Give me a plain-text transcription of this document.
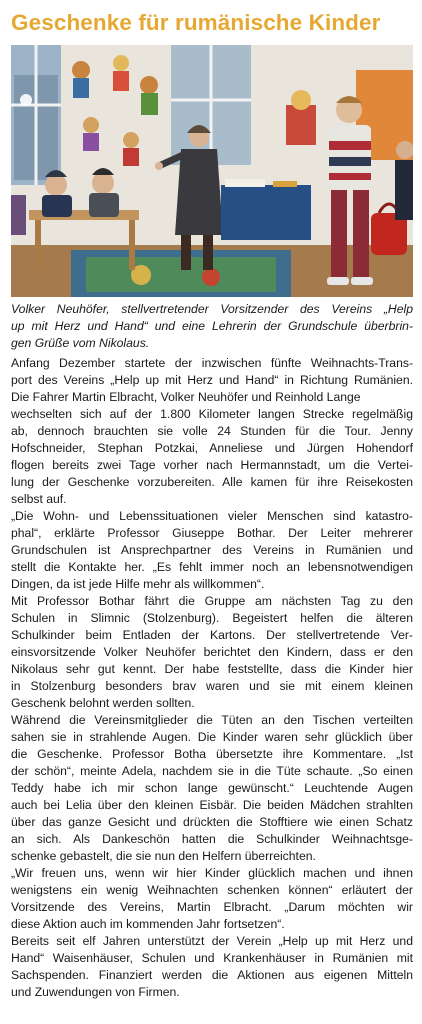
Geschenke für rumänische Kinder
Volker Neuhöfer, stellvertretender Vorsitzender des Vereins „Help
up mit Herz und Hand“ und eine Lehrerin der Grundschule überbrin-
gen Grüße vom Nikolaus.
Anfang Dezember startete der inzwischen fünfte Weihnachts-Trans-
port des Vereins „Help up mit Herz und Hand“ in Richtung Rumänien.
Die Fahrer Martin Elbracht, Volker Neuhöfer und Reinhold Lange
wechselten sich auf der 1.800 Kilometer langen Strecke regelmäßig
ab, dennoch brauchten sie volle 24 Stunden für die Tour. Jenny
Hofschneider, Stephan Potzkai, Anneliese und Jürgen Hohendorf
flogen bereits zwei Tage vorher nach Hermannstadt, um die Vertei-
lung der Geschenke vorzubereiten. Alle kamen für ihre Reisekosten
selbst auf.
„Die Wohn- und Lebenssituationen vieler Menschen sind katastro-
phal“, erklärte Professor Giuseppe Bothar. Der Leiter mehrerer
Grundschulen ist Ansprechpartner des Vereins in Rumänien und
stellt die Kontakte her. „Es fehlt immer noch an lebensnotwendigen
Dingen, da ist jede Hilfe mehr als willkommen“.
Mit Professor Bothar fährt die Gruppe am nächsten Tag zu den
Schulen in Slimnic (Stolzenburg). Begeistert helfen die älteren
Schulkinder beim Entladen der Kartons. Der stellvertretende Ver-
einsvorsitzende Volker Neuhöfer berichtet den Kindern, dass er den
Nikolaus sehr gut kennt. Der habe feststellte, dass die Kinder hier
in Stolzenburg besonders brav waren und sie mit einem kleinen
Geschenk belohnt werden sollten.
Während die Vereinsmitglieder die Tüten an den Tischen verteilten
sahen sie in strahlende Augen. Die Kinder waren sehr glücklich über
die Geschenke. Professor Botha übersetzte ihre Kommentare. „Ist
der schön“, meinte Adela, nachdem sie in die Tüte schaute. „So einen
Teddy habe ich mir schon lange gewünscht.“ Leuchtende Augen
auch bei Lelia über den kleinen Eisbär. Die beiden Mädchen strahlten
über das ganze Gesicht und drückten die Stofftiere wie einen Schatz
an sich. Als Dankeschön hatten die Schulkinder Weihnachtsge-
schenke gebastelt, die sie nun den Helfern überreichten.
„Wir freuen uns, wenn wir hier Kinder glücklich machen und ihnen
wenigstens ein wenig Weihnachten schenken können“ erläutert der
Vorsitzende des Vereins, Martin Elbracht. „Darum möchten wir
diese Aktion auch im kommenden Jahr fortsetzen“.
Bereits seit elf Jahren unterstützt der Verein „Help up mit Herz und
Hand“ Waisenhäuser, Schulen und Krankenhäuser in Rumänien mit
Sachspenden. Finanziert werden die Aktionen aus eigenen Mitteln
und Zuwendungen von Firmen.
